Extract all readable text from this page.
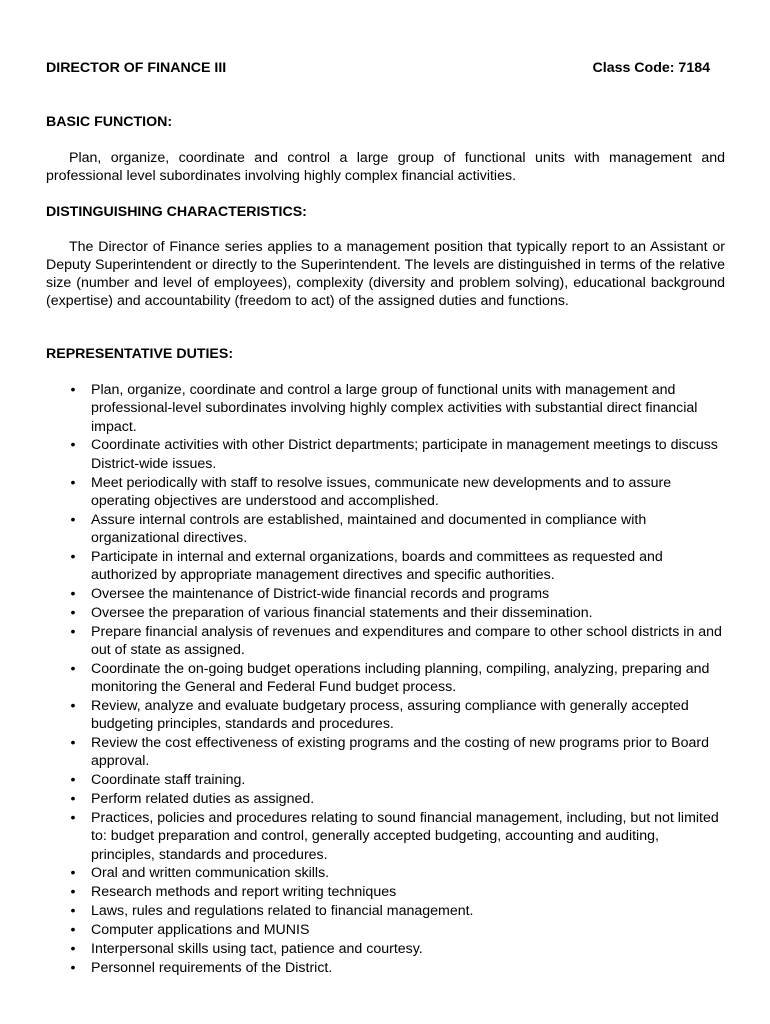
DIRECTOR OF FINANCE III	Class Code: 7184
BASIC FUNCTION:
Plan, organize, coordinate and control a large group of functional units with management and professional level subordinates involving highly complex financial activities.
DISTINGUISHING CHARACTERISTICS:
The Director of Finance series applies to a management position that typically report to an Assistant or Deputy Superintendent or directly to the Superintendent. The levels are distinguished in terms of the relative size (number and level of employees), complexity (diversity and problem solving), educational background (expertise) and accountability (freedom to act) of the assigned duties and functions.
REPRESENTATIVE DUTIES:
• Plan, organize, coordinate and control a large group of functional units with management and professional-level subordinates involving highly complex activities with substantial direct financial impact.
• Coordinate activities with other District departments; participate in management meetings to discuss District-wide issues.
• Meet periodically with staff to resolve issues, communicate new developments and to assure operating objectives are understood and accomplished.
• Assure internal controls are established, maintained and documented in compliance with organizational directives.
• Participate in internal and external organizations, boards and committees as requested and authorized by appropriate management directives and specific authorities.
• Oversee the maintenance of District-wide financial records and programs
• Oversee the preparation of various financial statements and their dissemination.
• Prepare financial analysis of revenues and expenditures and compare to other school districts in and out of state as assigned.
• Coordinate the on-going budget operations including planning, compiling, analyzing, preparing and monitoring the General and Federal Fund budget process.
• Review, analyze and evaluate budgetary process, assuring compliance with generally accepted budgeting principles, standards and procedures.
• Review the cost effectiveness of existing programs and the costing of new programs prior to Board approval.
• Coordinate staff training.
• Perform related duties as assigned.
• Practices, policies and procedures relating to sound financial management, including, but not limited to: budget preparation and control, generally accepted budgeting, accounting and auditing, principles, standards and procedures.
• Oral and written communication skills.
• Research methods and report writing techniques
• Laws, rules and regulations related to financial management.
• Computer applications and MUNIS
• Interpersonal skills using tact, patience and courtesy.
• Personnel requirements of the District.
